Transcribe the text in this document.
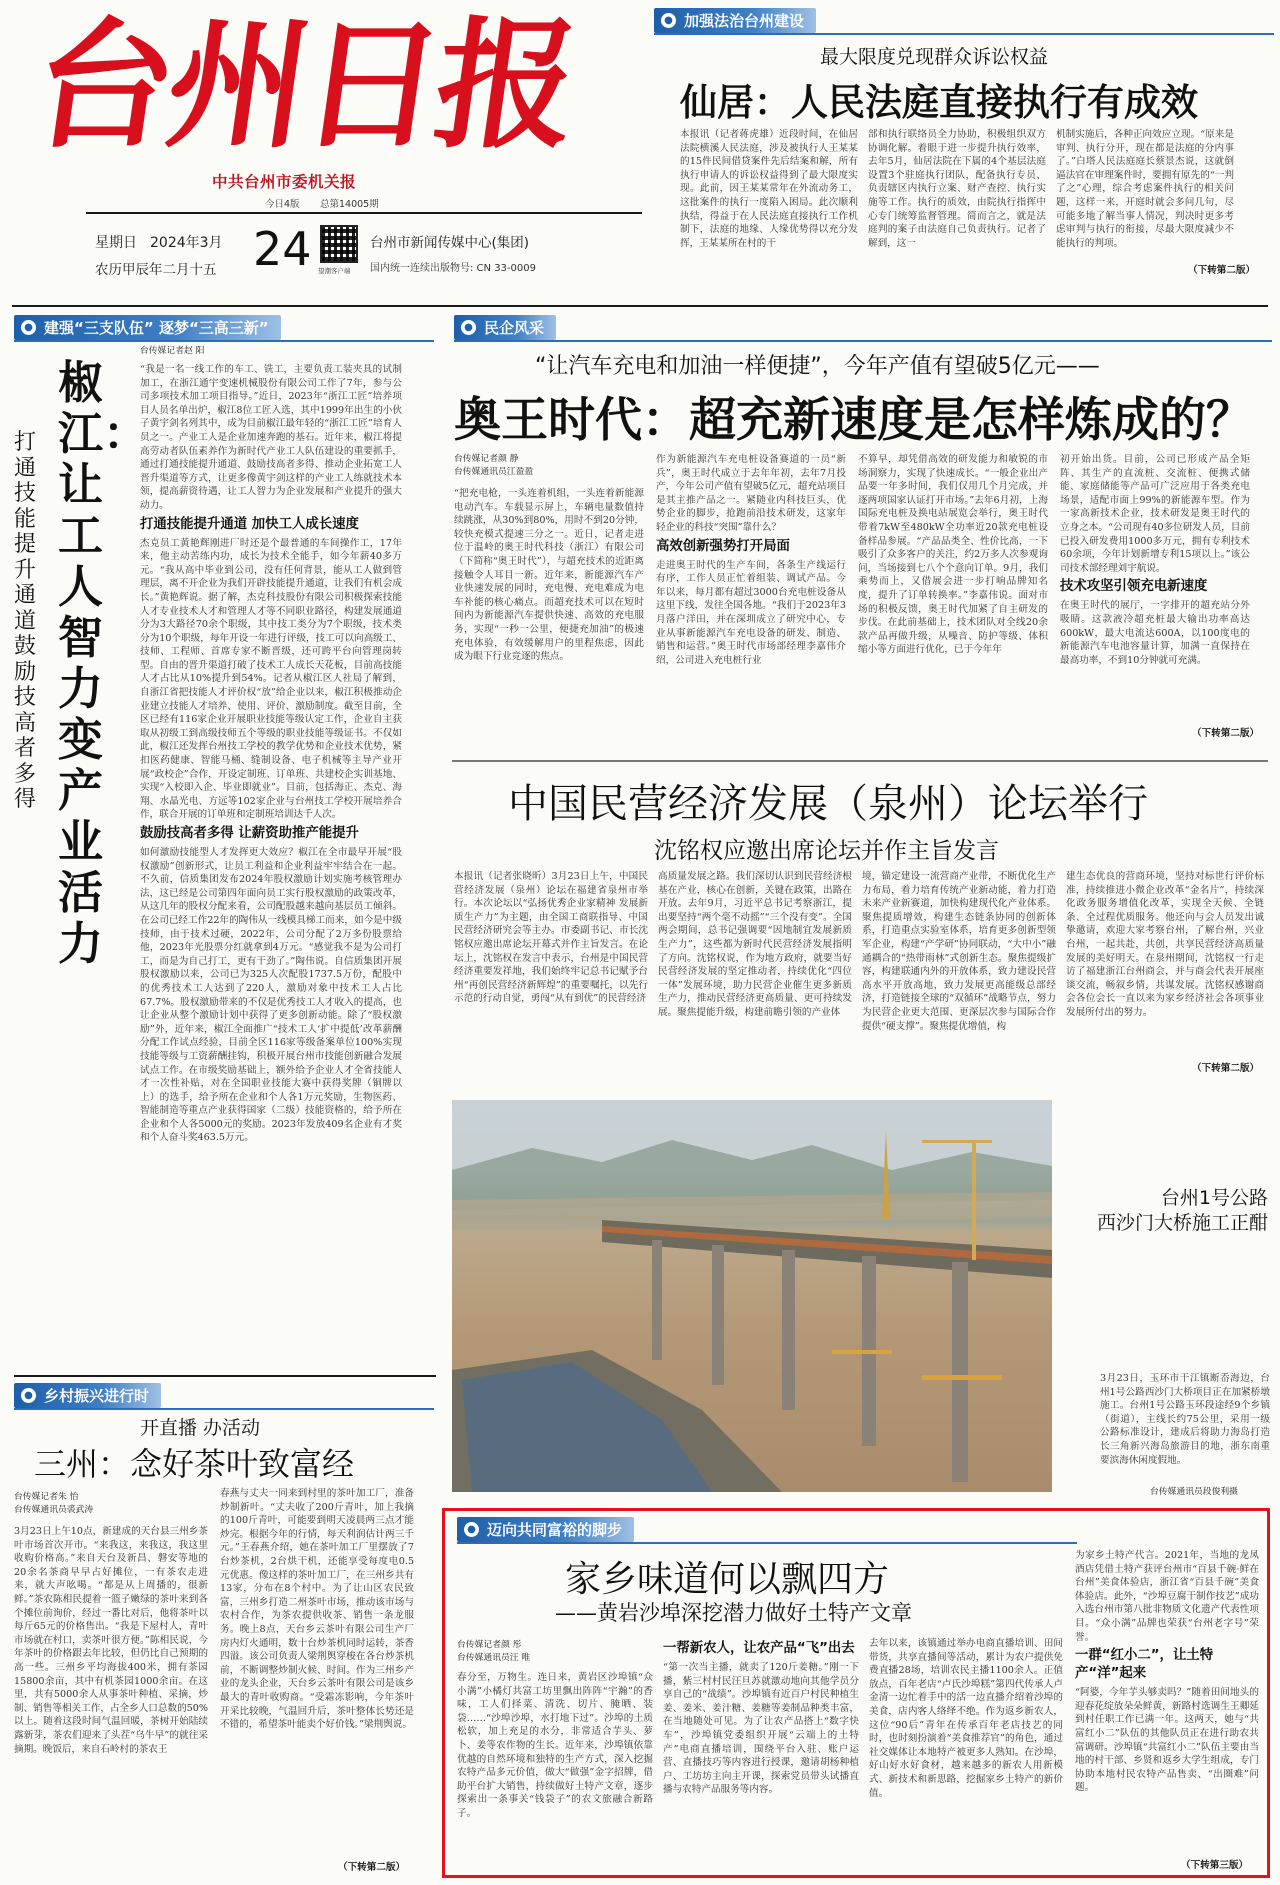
台州日报
中共台州市委机关报
今日4版 总第14005期
星期日 2024年3月
农历甲辰年二月十五 24 望潮客户端
台州市新闻传媒中心(集团)
国内统一连续出版物号: CN 33-0009
● 加强法治台州建设
最大限度兑现群众诉讼权益
仙居：人民法庭直接执行有成效
本报讯（记者蒋虎雄）近段时间，在仙居法院横溪人民法庭，涉及被执行人王某某的15件民间借贷案件先后结案和解，所有执行申请人的诉讼权益得到了最大限度实现。此前，因王某某常年在外流动务工，这批案件的执行一度陷入困局。此次顺利执结，得益于在人民法庭直接执行工作机制下，法庭的地缘、人缘优势得以充分发挥，王某某所在村的干
部和执行联络员全力协助，积极组织双方协调化解。着眼于进一步提升执行效率，去年5月，仙居法院在下属的4个基层法庭设置3个驻庭执行团队，配备执行专员、负责辖区内执行立案、财产查控、执行实施等工作。执行的质效，由院执行指挥中心专门统筹监督管理。简而言之，就是法庭判的案子由法庭自己负责执行。记者了解到，这一
机制实施后，各种正向效应立现。“原来是审判、执行分开，现在都是法庭的分内事了。”白塔人民法庭庭长蔡景杰说，这就倒逼法官在审理案件时，要拥有原先的“一判了之”心理，综合考虑案件执行的相关问题，这样一来，开庭时就会多问几句，尽可能多地了解当事人情况，判决时更多考虑审判与执行的衔接，尽最大限度减少不能执行的判项。
（下转第二版）
● 建强“三支队伍” 逐梦“三高三新”
椒江：让工人智力变产业活力
打通技能提升通道 鼓励技高者多得
台传媒记者赵 阳
“我是一名一线工作的车工、铣工，主要负责工装夹具的试制加工，在浙江通宇变速机械股份有限公司工作了7年，参与公司多项技术加工项目指导。”近日，2023年“浙江工匠”培养项目人员名单出炉，椒江8位工匠入选，其中1999年出生的小伙子黄宇剑名列其中，成为目前椒江最年轻的“浙江工匠”培育人员之一。产业工人是企业加速奔跑的基石。近年来，椒江将提高劳动者队伍素养作为新时代产业工人队伍建设的重要抓手，通过打通技能提升通道、鼓励技高者多得、推动企业拓宽工人晋升渠道等方式，让更多像黄宇剑这样的产业工人练就技术本领，提高薪资待遇，让工人智力为企业发展和产业提升的强大动力。
打通技能提升通道 加快工人成长速度
杰克员工黄艳辉刚进厂时还是个最普通的车间操作工，17年来，他主动苦练内功，成长为技术全能手，如今年薪40多万元。“我从高中毕业到公司，没有任何背景，能从工人做到管理层，离不开企业为我们开辟技能提升通道，让我们有机会成长。”黄艳辉说。据了解，杰克科技股份有限公司积极探索技能人才专业技术人才和管理人才等不同职业路径，构建发展通道分为3大路径70余个职级，其中技工类分为7个职级，技术类分为10个职级，每年开设一年进行评级，技工可以向高级工、技师、工程师、首席专家不断晋级，还可跨平台向管理岗转型。自由的晋升渠道打破了技术工人成长天花板，目前高技能人才占比从10%提升到54%。记者从椒江区人社局了解到，自浙江省把技能人才评价权“放”给企业以来，椒江积极推动企业建立技能人才培养、使用、评价、激励制度。截至目前，全区已经有116家企业开展职业技能等级认定工作，企业自主获取从初级工到高级技师五个等级的职业技能等级证书。不仅如此，椒江还发挥台州技工学校的教学优势和企业技术优势，紧扣医药健康、智能马桶、缝制设备、电子机械等主导产业开展“政校企”合作，开设定制班、订单班、共建校企实训基地、实现“入校即入企、毕业即就业”。目前，包括海正、杰克、海翔、水晶光电、方远等102家企业与台州技工学校开展培养合作，联合开展的订单班和定制班培训达千人次。
鼓励技高者多得 让薪资助推产能提升
如何激励技能型人才发挥更大效应？椒江在全市最早开展“股权激励”创新形式，让员工利益和企业利益牢牢结合在一起。不久前，信质集团发布2024年股权激励计划实施考核管理办法，这已经是公司第四年面向员工实行股权激励的政策改革，从这几年的股权分配来看，公司配股越来越向基层员工倾斜。在公司已经工作22年的陶伟从一线模具梯工而来，如今是中级技师，由于技术过硬，2022年，公司分配了2万多份股票给他，2023年光股票分红就拿到4万元。“感觉我不是为公司打工，而是为自己打工，更有干劲了。”陶伟说。自信质集团开展股权激励以来，公司已为325人次配股1737.5万份，配股中的优秀技术工人达到了220人，激励对象中技术工人占比67.7%。股权激励带来的不仅是优秀技工人才收入的提高，也让企业从整个激励计划中获得了更多创新动能。除了“股权激励”外，近年来，椒江全面推广“技术工人‘扩中提低’改革薪酬分配工作试点经验，目前全区116家等级备案单位100%实现技能等级与工资薪酬挂钩，积极开展台州市技能创新融合发展试点工作。在市级奖励基础上，额外给予企业人才全省技能人才一次性补贴，对在全国职业技能大赛中获得奖牌（铜牌以上）的选手，给予所在企业和个人各1万元奖励，生物医药、智能制造等重点产业获得国家（二级）技能资格的，给予所在企业和个人各5000元的奖励。2023年发放409名企业有才奖和个人奋斗奖463.5万元。
● 民企风采
“让汽车充电和加油一样便捷”，今年产值有望破5亿元——
奥王时代：超充新速度是怎样炼成的？
台传媒记者颜 静
台传媒通讯员江盈盈
“把充电枪，一头连着机组，一头连着新能源电动汽车。车载显示屏上，车辆电量数值持续跳涨，从30%到80%，用时不到20分钟，较快充模式提速三分之一。近日，记者走进位于温岭的奥王时代科技（浙江）有限公司（下简称“奥王时代”），与超充技术的近距离接触令人耳目一新。近年来，新能源汽车产业快速发展的同时，充电慢、充电难成为电车补能的核心痛点。而超充技术可以在短时间内为新能源汽车提供快速、高效的充电服务，实现“一秒一公里，便捷充加油”的极速充电体验，有效缓解用户的里程焦虑，因此成为眼下行业竞逐的焦点。
作为新能源汽车充电桩设备赛道的一员“新兵”，奥王时代成立于去年年初，去年7月投产，今年公司产值有望破5亿元，超充站项目是其主推产品之一。紧随业内科技巨头，优势企业的脚步，抢跑前沿技术研发，这家年轻企业的科技“突围”靠什么？
高效创新强势打开局面
走进奥王时代的生产车间，各条生产线运行有序，工作人员正忙着组装、调试产品。今年以来，每月都有超过3000台充电桩设备从这里下线，发往全国各地。“我们于2023年3月落户洋田，并在深圳成立了研究中心，专业从事新能源汽车充电设备的研发、制造、销售和运营。”奥王时代市场部经理李嘉伟介绍，公司进入充电桩行业
不算早，却凭借高效的研发能力和敏锐的市场洞察力，实现了快速成长。“一般企业出产品要一年多时间，我们仅用几个月完成，并逐两项国家认证打开市场。”去年6月初，上海国际充电桩及换电站展览会举行，奥王时代带着7kW至480kW全功率近20款充电桩设备样品参展。“产品品类全、性价比高，一下吸引了众多客户的关注，约2万多人次参观询问，当场接到七八个个意向订单。9月，我们乘势而上，又借展会进一步打响品牌知名度，提升了订单转换率。”李嘉伟说。面对市场的积极反馈，奥王时代加紧了自主研发的步伐。在此前基础上，技术团队对全线20余款产品再做升级，从噪音、防护等级、体积缩小等方面进行优化，已于今年年
初开始出货。目前，公司已形成产品全矩阵、其生产的直流桩、交流桩、便携式储能、家庭储能等产品可广泛应用于各类充电场景，适配市面上99%的新能源车型。作为一家高新技术企业，技术研发是奥王时代的立身之本。“公司现有40多位研发人员，目前已投入研发费用1000多万元，拥有专利技术60余项，今年计划新增专利15项以上。”该公司技术部经理刘宇航说。
技术攻坚引领充电新速度
在奥王时代的展厅，一字排开的超充站分外吸睛。这款液冷超充桩最大输出功率高达600kW，最大电流达600A，以100度电的新能源汽车电池容量计算，加满一直保持在最高功率，不到10分钟就可充满。
（下转第二版）
中国民营经济发展（泉州）论坛举行
沈铭权应邀出席论坛并作主旨发言
本报讯（记者张晓昕）3月23日上午，中国民营经济发展（泉州）论坛在福建省泉州市举行。本次论坛以“弘扬优秀企业家精神 发展新质生产力”为主题，由全国工商联指导、中国民营经济研究会等主办。市委副书记、市长沈铭权应邀出席论坛开幕式并作主旨发言。在论坛上，沈铭权在发言中表示，台州是中国民营经济重要发祥地，我们始终牢记总书记赋予台州“再创民营经济新辉煌”的重要嘱托，以先行示范的行动自觉，勇闯“从有到优”的民营经济
高质量发展之路。我们深切认识到民营经济根基在产业，核心在创新，关键在政策，出路在开放。去年9月，习近平总书记考察浙江，提出要坚持“两个毫不动摇”“三个没有变”。全国两会期间，总书记强调要“因地制宜发展新质生产力”，这些都为新时代民营经济发展指明了方向。沈铭权说，作为地方政府，就要当好民营经济发展的坚定推动者，持续优化“四位一体”发展环境，助力民营企业催生更多新质生产力，推动民营经济更高质量、更可持续发展。聚焦提能升级，构建前瞻引领的产业体
境，锚定建设一流营商产业带，不断优化生产力布局，着力培育传统产业新动能，着力打造未来产业新赛道，加快构建现代化产业体系。聚焦提质增效，构建生态链条协同的创新体系，打造重点实验室体系，培育更多创新型领军企业，构建“产学研”协同联动，“大中小”融通耦合的“热带雨林”式创新生态。聚焦提级扩容，构建联通内外的开放体系，致力建设民营高水平开放高地，致力发展更高能级总部经济，打造链接全球的“双循环”战略节点，努力为民营企业更大范围、更深层次参与国际合作提供“硬支撑”。聚焦提优增值，构
建生态优良的营商环境，坚持对标世行评价标准，持续推进小微企业改革“金名片”，持续深化政务服务增值化改革，实现全天候、全链条、全过程优质服务。他还向与会人员发出诚挚邀请，欢迎大家考察台州，了解台州，兴业台州，一起共赴，共创，共享民营经济高质量发展的美好明天。在泉州期间，沈铭权一行走访了福建浙江台州商会，并与商会代表开展座谈交流，畅叙乡情，共谋发展。沈铭权感谢商会各位会长一直以来为家乡经济社会各项事业发展所付出的努力。
（下转第二版）
台州1号公路
西沙门大桥施工正酣
3月23日，玉环市干江镇断岙海边，台州1号公路西沙门大桥项目正在加紧桥墩施工。台州1号公路玉环段途经9个乡镇（街道），主线长约75公里，采用一级公路标准设计，建成后将助力海岛打造长三角新兴海岛旅游目的地，浙东南重要滨海休闲度假地。
台传媒通讯员段俊利摄
● 乡村振兴进行时
开直播 办活动
三州：念好茶叶致富经
台传媒记者朱 怡
台传媒通讯员裘武涛
3月23日上午10点，新建成的天台县三州乡茶叶市场首次开市。“来我这，来我这，我这里收购价格高。”来自天台及新昌、磐安等地的20余名茶商早早占好摊位，一有茶农走进来，就大声吆喝。“都是从上周播的，很新鲜。”茶农陈相民提着一篮子嫩绿的茶叶来到各个摊位前询价，经过一番比对后，他将茶叶以每斤65元的价格售出。“我是下屋村人，青叶市场就在村口，卖茶叶很方便。”陈相民说，今年茶叶的价格跟去年比较，但仍比自己预期的高一些。三州乡平均海拔400米，拥有茶园15800余亩，其中有机茶园1000余亩。在这里，共有5000余人从事茶叶种植、采摘，炒制、销售等相关工作，占全乡人口总数的50%以上。随着这段时间气温回暖，茶树开始陆续露新芽，茶农们迎来了头茬“乌牛早”的就往采摘期。晚饭后，来自石岭村的茶农王
春燕与丈夫一同来到村里的茶叶加工厂，准备炒制新叶。“丈夫收了200斤青叶，加上我摘的100斤青叶，可能要到明天凌晨两三点才能炒完。根据今年的行情，每天利润估计两三千元。”王春燕介绍，她在茶叶加工厂里摆放了7台炒茶机，2台烘干机，还能享受每度电0.5元优惠。像这样的茶叶加工厂，在三州乡共有13家，分布在8个村中。为了让山区农民致富，三州乡打造二州茶叶市场，推动该市场与农村合作，为茶农提供收茶、销售一条龙服务。晚上8点，天台乡云茶叶有限公司生产厂房内灯火通明，数十台炒茶机同时运转，茶香四溢。该公司负责人梁荆舆穿梭在各台炒茶机前，不断调整炒制火候、时间。作为三州乡产业的龙头企业，天台乡云茶叶有限公司是该乡最大的青叶收购商。“受霜冻影响，今年茶叶开采比较晚，气温回升后，茶叶整体长势还是不错的，希望茶叶能卖个好价钱。”梁荆舆说。
（下转第二版）
● 迈向共同富裕的脚步
家乡味道何以飘四方
——黄岩沙埠深挖潜力做好土特产文章
台传媒记者颜 彤
台传媒通讯员汪 唯
春分至，万物生。连日来，黄岩区沙埠镇“众小满”小橘灯共富工坊里飘出阵阵“宇瀚”的香味，工人们择菜、清洗、切片、腌晒、装袋……“沙埠沙埠，水打地下过”。沙埠的土质松软，加上充足的水分，非常适合芋头、萝卜、姜等农作物的生长。近年来，沙埠镇依靠优越的自然环境和独特的生产方式，深入挖掘农特产品多元价值，做大“做强”金字招牌，借助平台扩大销售，持续做好土特产文章，逐步探索出一条事关“钱袋子”的农文旅融合新路子。
一帮新农人，让农产品“飞”出去
“第一次当主播，就卖了120斤姜糖。”刚一下播，紫三村村民汪旦苏就激动地向其他学员分享自己的“战绩”。沙埠镇有近百户村民种植生姜、姜米、姜汁糖、姜糖等姜制品种类丰富，在当地随处可见。为了让农产品搭上“数字快车”，沙埠镇党委组织开展“云端上的土特产”电商直播培训，围绕平台入驻、账户运营、直播技巧等内容进行授课，邀请胡杨种植户、工坊坊主向主开课，探索党员带头试播直播与农特产品服务等内容。
去年以来，该镇通过举办电商直播培训、田间带货，共享直播间等活动，累计为农户提供免费直播28场，培训农民主播1100余人。正值放点，百年老店“卢氏沙埠糕”第四代传承人卢金清一边忙着手中的活一边直播介绍着沙埠的美食，店内客人络绎不绝。作为返乡新农人，这位“90后”青年在传承百年老店技艺的同时，也时刻扮演着“美食推荐官”的角色，通过社交媒体让本地特产被更多人熟知。在沙埠，好山好水好食材，越来越多的新农人用新模式、新技术和新思路，挖掘家乡土特产的新价值。
为家乡土特产代言。2021年，当地的龙凤酒店凭借土特产获评台州市“百县千碗·鲜在台州”美食体验店，浙江省“百县千碗”美食体验店。此外，“沙埠豆腐干制作技艺”成功入选台州市第八批非物质文化遗产代表性项目。“众小满”品牌也荣获“台州老字号”荣誉。
一群“红小二”，让土特产“洋”起来
“阿婆，今年芋头够卖吗？”随着田间地头的迎春花绽放朵朵鲜黄，新路村选调生王卿延到村任职工作已满一年。这两天，她与“共富红小二”队伍的其他队员正在进行助农共富调研。沙埠镇“共富红小二”队伍主要由当地的村干部、乡贤和返乡大学生组成，专门协助本地村民农特产品售卖、“出圈难”问题。
（下转第三版）
